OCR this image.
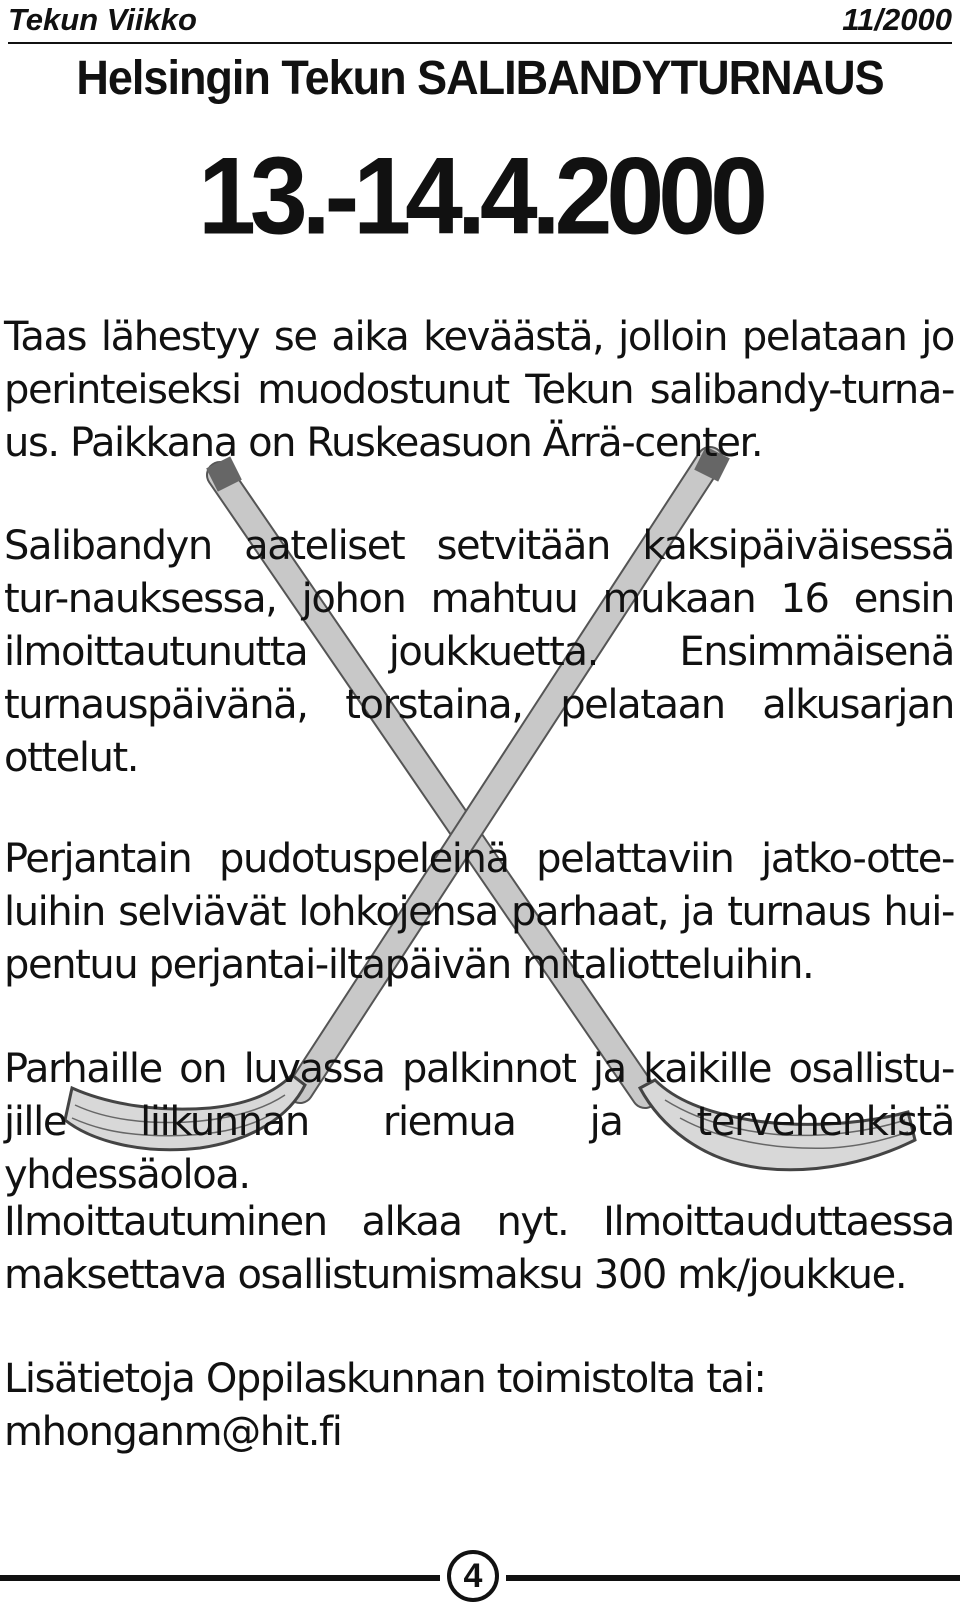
Tekun Viikko	11/2000
Helsingin Tekun SALIBANDYTURNAUS
13.-14.4.2000
Taas lähestyy se aika keväästä, jolloin pelataan jo perinteiseksi muodostunut Tekun salibandy-turna-us. Paikkana on Ruskeasuon Ärrä-center.
Salibandyn aateliset setvitään kaksipäiväisessä tur-nauksessa, johon mahtuu mukaan 16 ensin ilmoittautunutta joukkuetta. Ensimmäisenä turnauspäivänä, torstaina, pelataan alkusarjan ottelut.
Perjantain pudotuspeleinä pelattaviin jatko-otte-luihin selviävät lohkojensa parhaat, ja turnaus hui-pentuu perjantai-iltapäivän mitaliotteluihin.
Parhaille on luvassa palkinnot ja kaikille osallistu-jille liikunnan riemua ja tervehenkistä yhdessäoloa.
Ilmoittautuminen alkaa nyt. Ilmoittauduttaessa maksettava osallistumismaksu 300 mk/joukkue.
Lisätietoja Oppilaskunnan toimistolta tai: mhonganm@hit.fi
4
